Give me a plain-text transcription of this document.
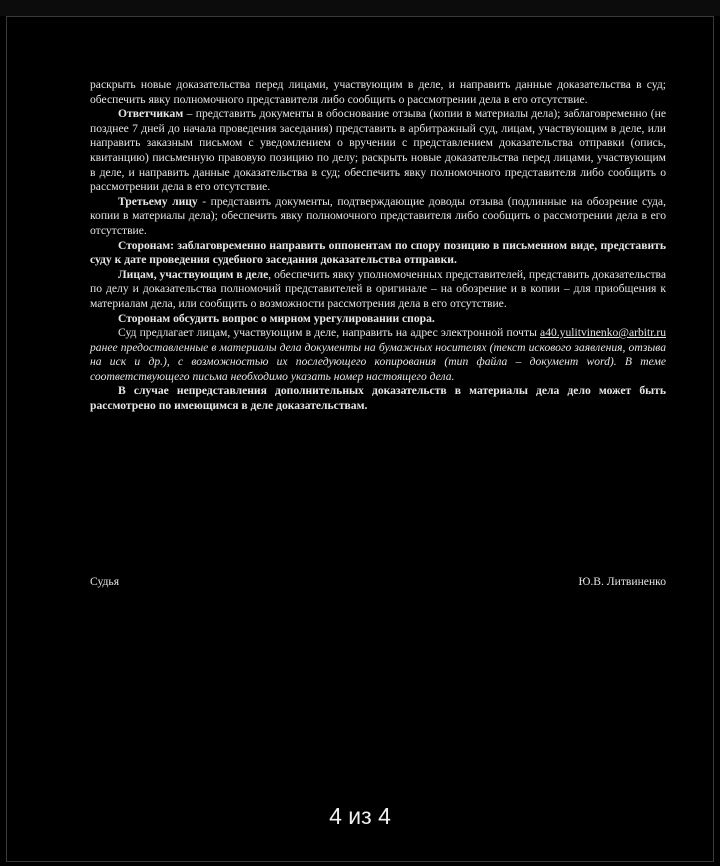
раскрыть новые доказательства перед лицами, участвующим в деле, и направить данные доказательства в суд; обеспечить явку полномочного представителя либо сообщить о рассмотрении дела в его отсутствие.

Ответчикам – представить документы в обоснование отзыва (копии в материалы дела); заблаговременно (не позднее 7 дней до начала проведения заседания) представить в арбитражный суд, лицам, участвующим в деле, или направить заказным письмом с уведомлением о вручении с представлением доказательства отправки (опись, квитанцию) письменную правовую позицию по делу; раскрыть новые доказательства перед лицами, участвующим в деле, и направить данные доказательства в суд; обеспечить явку полномочного представителя либо сообщить о рассмотрении дела в его отсутствие.

Третьему лицу - представить документы, подтверждающие доводы отзыва (подлинные на обозрение суда, копии в материалы дела); обеспечить явку полномочного представителя либо сообщить о рассмотрении дела в его отсутствие.

Сторонам: заблаговременно направить оппонентам по спору позицию в письменном виде, представить суду к дате проведения судебного заседания доказательства отправки.

Лицам, участвующим в деле, обеспечить явку уполномоченных представителей, представить доказательства по делу и доказательства полномочий представителей в оригинале – на обозрение и в копии – для приобщения к материалам дела, или сообщить о возможности рассмотрения дела в его отсутствие.

Сторонам обсудить вопрос о мирном урегулировании спора.

Суд предлагает лицам, участвующим в деле, направить на адрес электронной почты a40.yulitvinenko@arbitr.ru ранее предоставленные в материалы дела документы на бумажных носителях (текст искового заявления, отзыва на иск и др.), с возможностью их последующего копирования (тип файла – документ word). В теме соответствующего письма необходимо указать номер настоящего дела.

В случае непредставления дополнительных доказательств в материалы дела дело может быть рассмотрено по имеющимся в деле доказательствам.

Судья	Ю.В. Литвиненко
4 из 4
